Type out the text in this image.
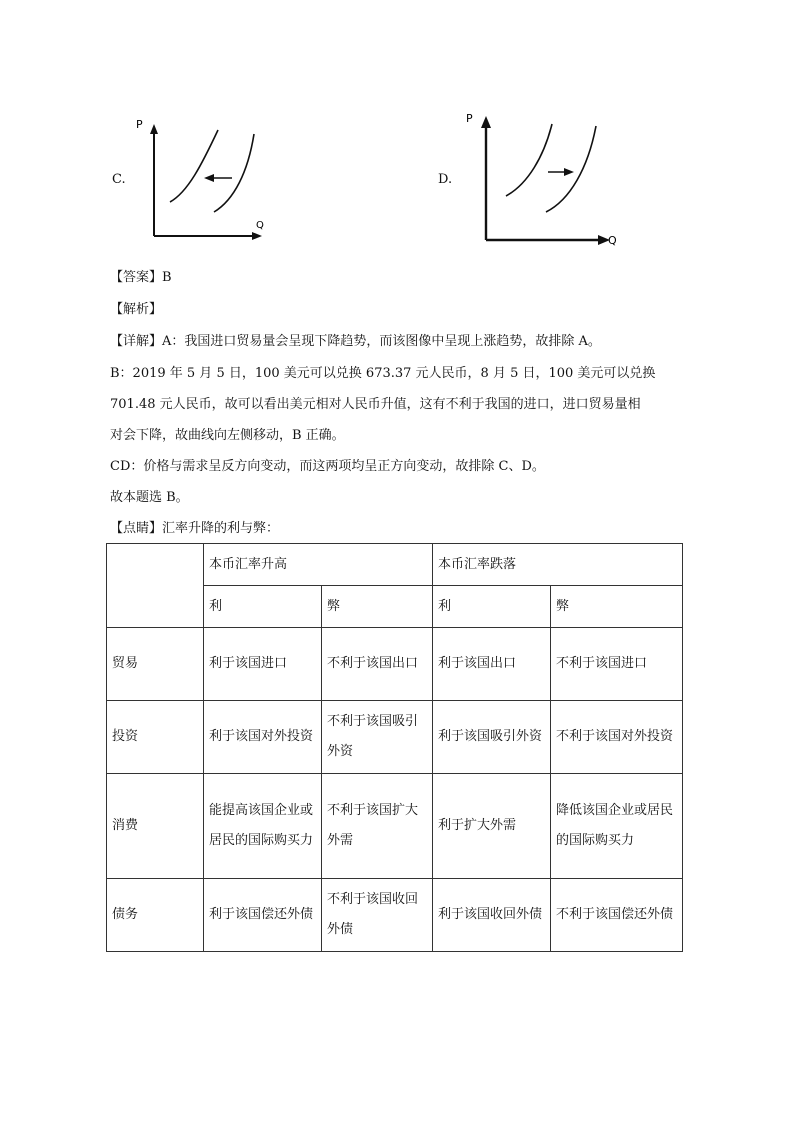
C.
P
Q
D.
P
Q
【答案】B
【解析】
【详解】A：我国进口贸易量会呈现下降趋势，而该图像中呈现上涨趋势，故排除 A。
B：2019 年 5 月 5 日，100 美元可以兑换 673.37 元人民币，8 月 5 日，100 美元可以兑换
701.48 元人民币，故可以看出美元相对人民币升值，这有不利于我国的进口，进口贸易量相
对会下降，故曲线向左侧移动，B 正确。
CD：价格与需求呈反方向变动，而这两项均呈正方向变动，故排除 C、D。
故本题选 B。
【点睛】汇率升降的利与弊：
	本币汇率升高		本币汇率跌落	
	利	弊	利	弊
贸易	利于该国进口	不利于该国出口	利于该国出口	不利于该国进口

投资	利于该国对外投资	不利于该国吸引外资	利于该国吸引外资	不利于该国对外投资

消费	能提高该国企业或居民的国际购买力	不利于该国扩大外需	利于扩大外需	降低该国企业或居民的国际购买力

债务	利于该国偿还外债	不利于该国收回外债	利于该国收回外债	不利于该国偿还外债
